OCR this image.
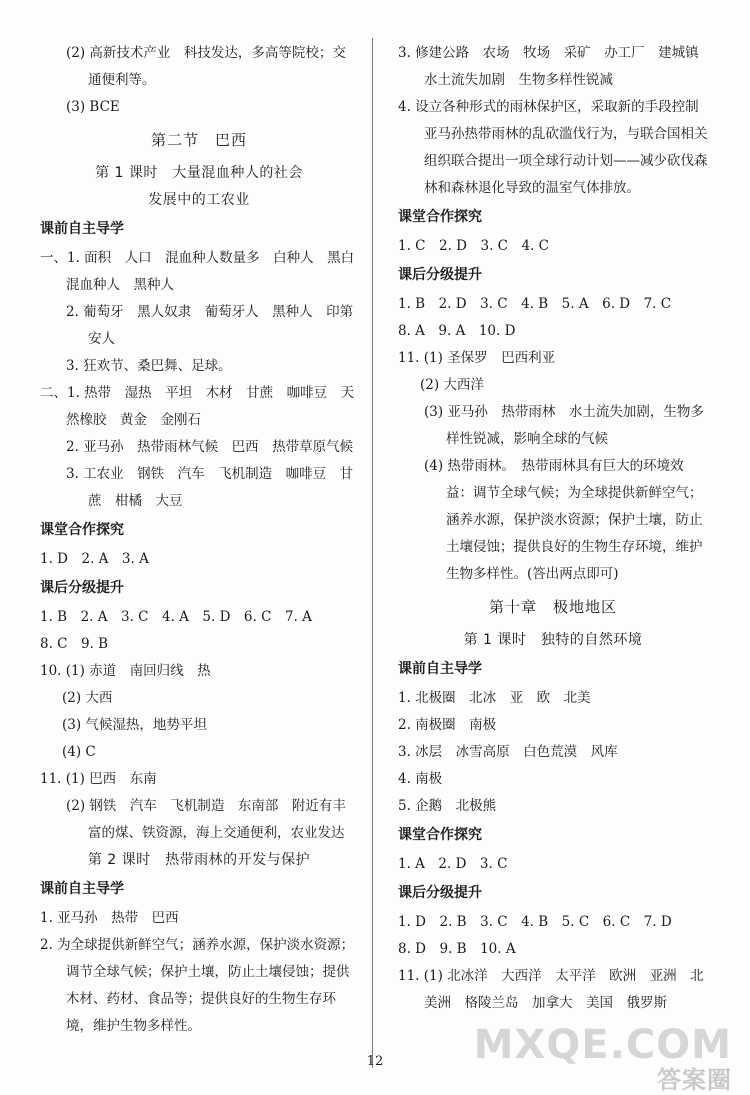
(2) 高新技术产业　科技发达，多高等院校；交通便利等。
(3) BCE
第二节　巴西
第 1 课时　大量混血种人的社会
发展中的工农业
课前自主导学
一、1. 面积　人口　混血种人数量多　白种人　黑白混血种人　黑种人
2. 葡萄牙　黑人奴隶　葡萄牙人　黑种人　印第安人
3. 狂欢节、桑巴舞、足球。
二、1. 热带　湿热　平坦　木材　甘蔗　咖啡豆　天然橡胶　黄金　金刚石
2. 亚马孙　热带雨林气候　巴西　热带草原气候
3. 工农业　钢铁　汽车　飞机制造　咖啡豆　甘蔗　柑橘　大豆
课堂合作探究
1. D　2. A　3. A
课后分级提升
1. B　2. A　3. C　4. A　5. D　6. C　7. A
8. C　9. B
10. (1) 赤道　南回归线　热
(2) 大西
(3) 气候湿热，地势平坦
(4) C
11. (1) 巴西　东南
(2) 钢铁　汽车　飞机制造　东南部　附近有丰富的煤、铁资源，海上交通便利，农业发达
第 2 课时　热带雨林的开发与保护
课前自主导学
1. 亚马孙　热带　巴西
2. 为全球提供新鲜空气；涵养水源，保护淡水资源；调节全球气候；保护土壤，防止土壤侵蚀；提供木材、药材、食品等；提供良好的生物生存环境，维护生物多样性。
3. 修建公路　农场　牧场　采矿　办工厂　建城镇　水土流失加剧　生物多样性锐减
4. 设立各种形式的雨林保护区，采取新的手段控制亚马孙热带雨林的乱砍滥伐行为，与联合国相关组织联合提出一项全球行动计划——减少砍伐森林和森林退化导致的温室气体排放。
课堂合作探究
1. C　2. D　3. C　4. C
课后分级提升
1. B　2. D　3. C　4. B　5. A　6. D　7. C
8. A　9. A　10. D
11. (1) 圣保罗　巴西利亚
(2) 大西洋
(3) 亚马孙　热带雨林　水土流失加剧，生物多样性锐减，影响全球的气候
(4) 热带雨林。　热带雨林具有巨大的环境效益：调节全球气候；为全球提供新鲜空气；涵养水源，保护淡水资源；保护土壤，防止土壤侵蚀；提供良好的生物生存环境，维护生物多样性。(答出两点即可)
第十章　极地地区
第 1 课时　独特的自然环境
课前自主导学
1. 北极圈　北冰　亚　欧　北美
2. 南极圈　南极
3. 冰层　冰雪高原　白色荒漠　风库
4. 南极
5. 企鹅　北极熊
课堂合作探究
1. A　2. D　3. C
课后分级提升
1. D　2. B　3. C　4. B　5. C　6. C　7. D
8. D　9. B　10. A
11. (1) 北冰洋　大西洋　太平洋　欧洲　亚洲　北美洲　格陵兰岛　加拿大　美国　俄罗斯
12
答案圈
MXQE.COM
